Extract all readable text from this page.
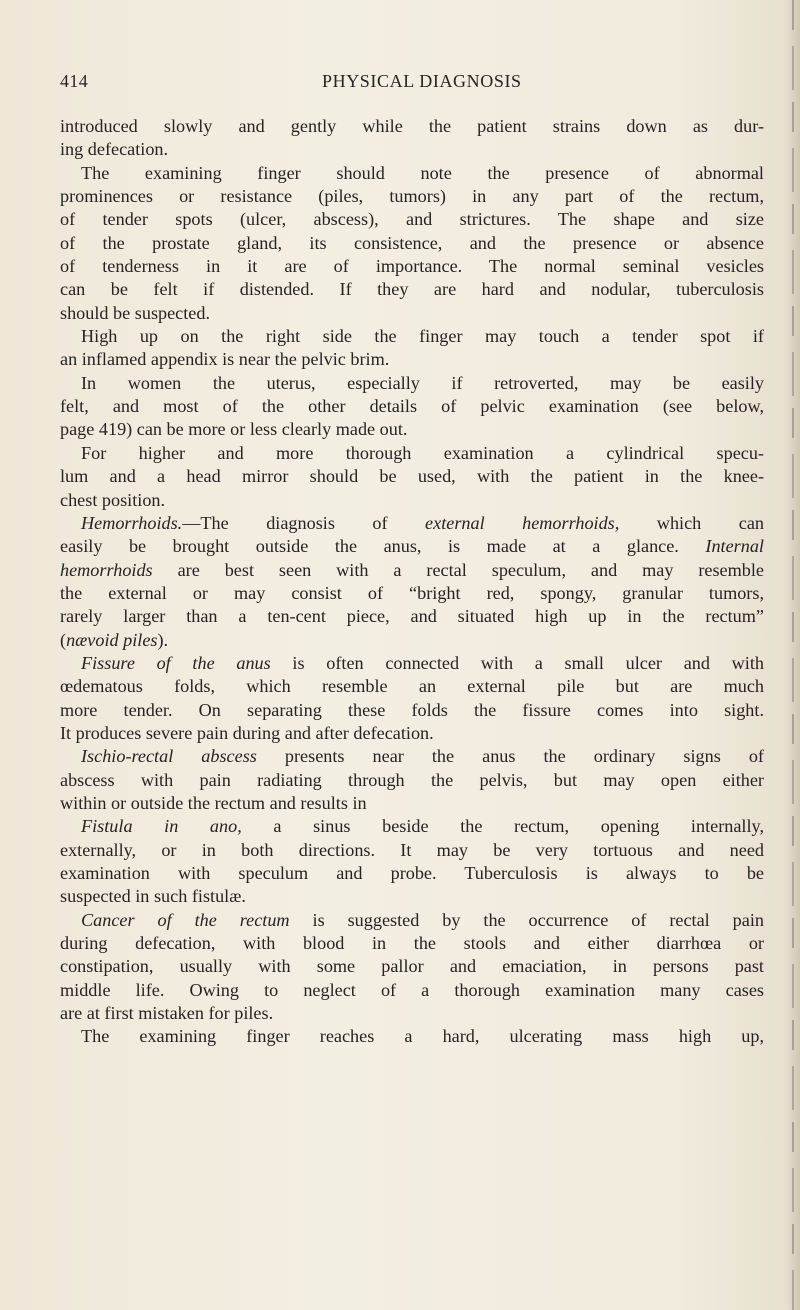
414	PHYSICAL DIAGNOSIS
introduced slowly and gently while the patient strains down as dur-
ing defecation.
The examining finger should note the presence of abnormal
prominences or resistance (piles, tumors) in any part of the rectum,
of tender spots (ulcer, abscess), and strictures. The shape and size
of the prostate gland, its consistence, and the presence or absence
of tenderness in it are of importance. The normal seminal vesicles
can be felt if distended. If they are hard and nodular, tuberculosis
should be suspected.
High up on the right side the finger may touch a tender spot if
an inflamed appendix is near the pelvic brim.
In women the uterus, especially if retroverted, may be easily
felt, and most of the other details of pelvic examination (see below,
page 419) can be more or less clearly made out.
For higher and more thorough examination a cylindrical specu-
lum and a head mirror should be used, with the patient in the knee-
chest position.
Hemorrhoids.—The diagnosis of external hemorrhoids, which can
easily be brought outside the anus, is made at a glance. Internal
hemorrhoids are best seen with a rectal speculum, and may resemble
the external or may consist of “bright red, spongy, granular tumors,
rarely larger than a ten-cent piece, and situated high up in the rectum”
(nævoid piles).
Fissure of the anus is often connected with a small ulcer and with
œdematous folds, which resemble an external pile but are much
more tender. On separating these folds the fissure comes into sight.
It produces severe pain during and after defecation.
Ischio-rectal abscess presents near the anus the ordinary signs of
abscess with pain radiating through the pelvis, but may open either
within or outside the rectum and results in
Fistula in ano, a sinus beside the rectum, opening internally,
externally, or in both directions. It may be very tortuous and need
examination with speculum and probe. Tuberculosis is always to be
suspected in such fistulæ.
Cancer of the rectum is suggested by the occurrence of rectal pain
during defecation, with blood in the stools and either diarrhœa or
constipation, usually with some pallor and emaciation, in persons past
middle life. Owing to neglect of a thorough examination many cases
are at first mistaken for piles.
The examining finger reaches a hard, ulcerating mass high up,
